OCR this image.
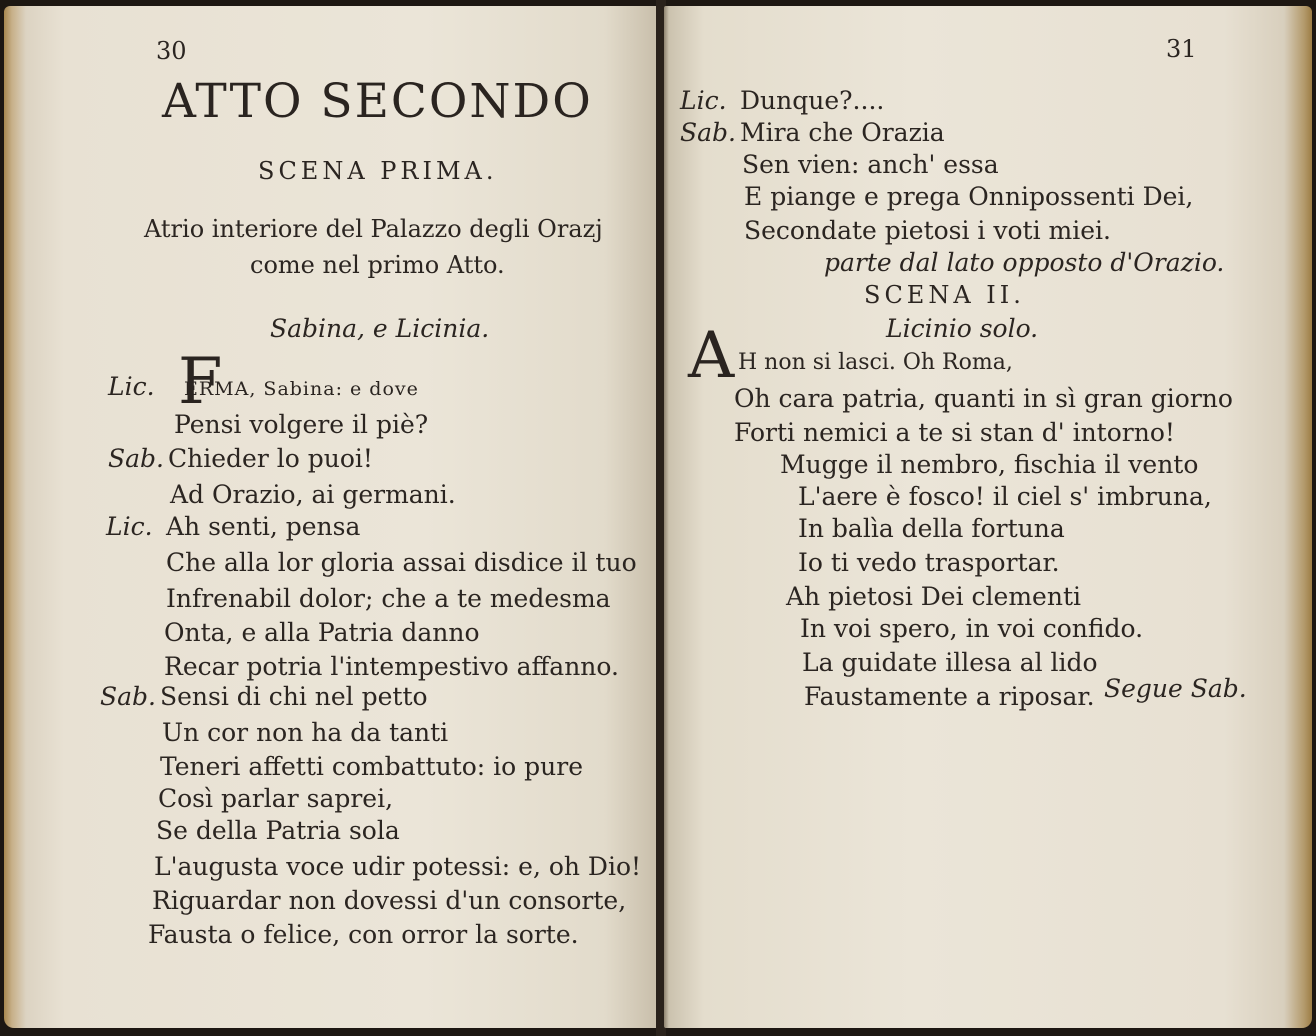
30
ATTO SECONDO
SCENA PRIMA.
Atrio interiore del Palazzo degli Orazj
come nel primo Atto.
Sabina, e Licinia.
Lic. F
ERMA, Sabina: e dove
Pensi volgere il piè?
Sab. Chieder lo puoi!
Ad Orazio, ai germani.
Lic. Ah senti, pensa
Che alla lor gloria assai disdice il tuo
Infrenabil dolor; che a te medesma
Onta, e alla Patria danno
Recar potria l'intempestivo affanno.
Sab. Sensi di chi nel petto
Un cor non ha da tanti
Teneri affetti combattuto: io pure
Così parlar saprei,
Se della Patria sola
L'augusta voce udir potessi: e, oh Dio!
Riguardar non dovessi d'un consorte,
Fausta o felice, con orror la sorte.
31
Lic. Dunque?....
Sab. Mira che Orazia
Sen vien: anch' essa
E piange e prega Onnipossenti Dei,
Secondate pietosi i voti miei.
parte dal lato opposto d'Orazio.
SCENA II.
Licinio solo.
A H non si lasci. Oh Roma,
Oh cara patria, quanti in sì gran giorno
Forti nemici a te si stan d' intorno!
Mugge il nembro, fischia il vento
L'aere è fosco! il ciel s' imbruna,
In balìa della fortuna
Io ti vedo trasportar.
Ah pietosi Dei clementi
In voi spero, in voi confido.
La guidate illesa al lido
Faustamente a riposar. Segue Sab.
